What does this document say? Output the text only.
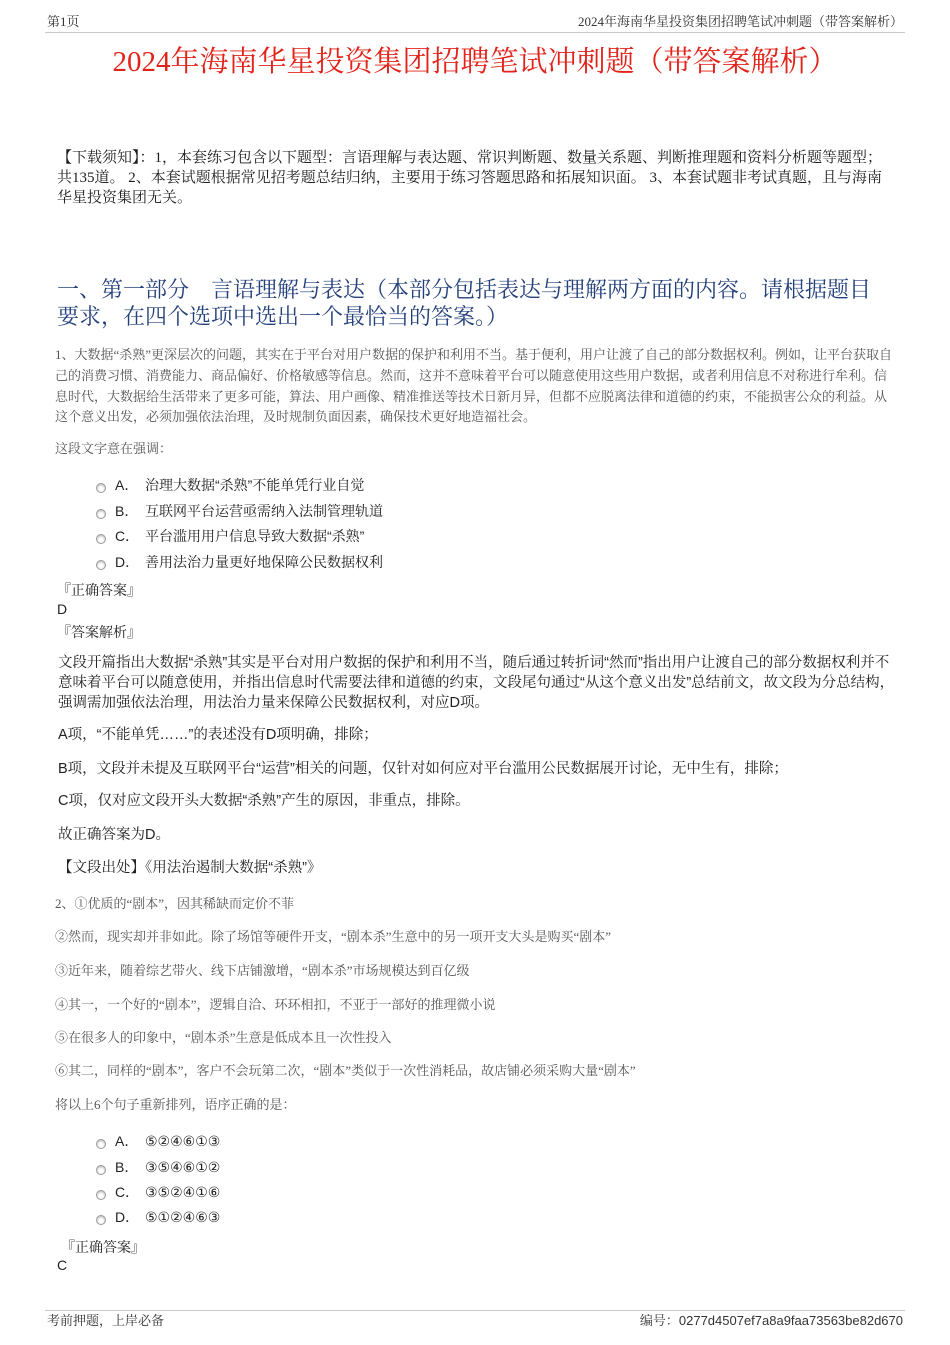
第1页	2024年海南华星投资集团招聘笔试冲刺题（带答案解析）
2024年海南华星投资集团招聘笔试冲刺题（带答案解析）
【下载须知】：1，本套练习包含以下题型：言语理解与表达题、常识判断题、数量关系题、判断推理题和资料分析题等题型；共135道。 2、本套试题根据常见招考题总结归纳，主要用于练习答题思路和拓展知识面。 3、本套试题非考试真题，且与海南华星投资集团无关。
一、第一部分　言语理解与表达（本部分包括表达与理解两方面的内容。请根据题目要求，在四个选项中选出一个最恰当的答案。）
1、大数据“杀熟”更深层次的问题，其实在于平台对用户数据的保护和利用不当。基于便利，用户让渡了自己的部分数据权利。例如，让平台获取自己的消费习惯、消费能力、商品偏好、价格敏感等信息。然而，这并不意味着平台可以随意使用这些用户数据，或者利用信息不对称进行牟利。信息时代，大数据给生活带来了更多可能，算法、用户画像、精准推送等技术日新月异，但都不应脱离法律和道德的约束，不能损害公众的利益。从这个意义出发，必须加强依法治理，及时规制负面因素，确保技术更好地造福社会。
这段文字意在强调：
A． 治理大数据“杀熟”不能单凭行业自觉
B． 互联网平台运营亟需纳入法制管理轨道
C． 平台滥用用户信息导致大数据“杀熟”
D． 善用法治力量更好地保障公民数据权利
『正确答案』
D
『答案解析』
文段开篇指出大数据“杀熟”其实是平台对用户数据的保护和利用不当，随后通过转折词“然而”指出用户让渡自己的部分数据权利并不意味着平台可以随意使用，并指出信息时代需要法律和道德的约束，文段尾句通过“从这个意义出发”总结前文，故文段为分总结构，强调需加强依法治理，用法治力量来保障公民数据权利，对应D项。
A项，“不能单凭……”的表述没有D项明确，排除；
B项，文段并未提及互联网平台“运营”相关的问题，仅针对如何应对平台滥用公民数据展开讨论，无中生有，排除；
C项，仅对应文段开头大数据“杀熟”产生的原因，非重点，排除。
故正确答案为D。
【文段出处】《用法治遏制大数据“杀熟”》
2、①优质的“剧本”，因其稀缺而定价不菲
②然而，现实却并非如此。除了场馆等硬件开支，“剧本杀”生意中的另一项开支大头是购买“剧本”
③近年来，随着综艺带火、线下店铺激增，“剧本杀”市场规模达到百亿级
④其一，一个好的“剧本”，逻辑自洽、环环相扣，不亚于一部好的推理微小说
⑤在很多人的印象中，“剧本杀”生意是低成本且一次性投入
⑥其二，同样的“剧本”，客户不会玩第二次，“剧本”类似于一次性消耗品，故店铺必须采购大量“剧本”
将以上6个句子重新排列，语序正确的是：
A． ⑤②④⑥①③
B． ③⑤④⑥①②
C． ③⑤②④①⑥
D． ⑤①②④⑥③
『正确答案』
C
考前押题，上岸必备	编号：0277d4507ef7a8a9faa73563be82d670
